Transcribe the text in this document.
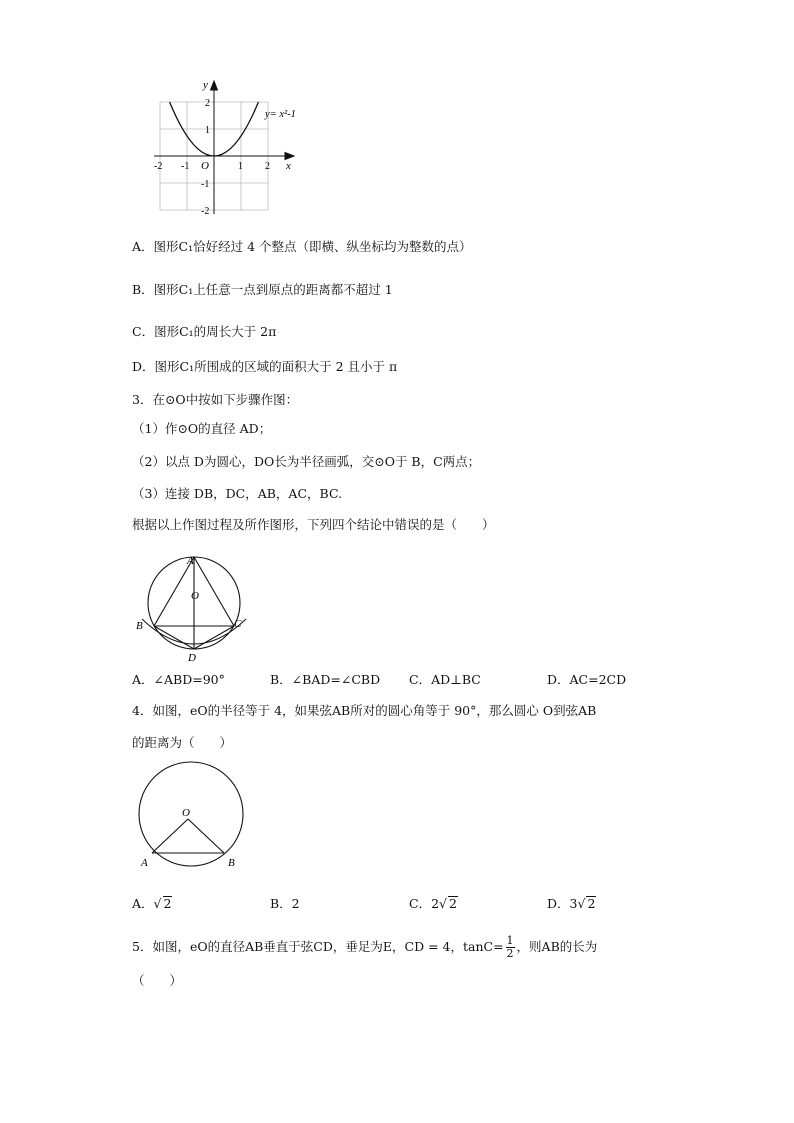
y
x
O
-2 -1	1 2
2
1
-1
-2
y= x²-1
A．图形C₁恰好经过 4 个整点（即横、纵坐标均为整数的点）
B．图形C₁上任意一点到原点的距离都不超过 1
C．图形C₁的周长大于 2π
D．图形C₁所围成的区域的面积大于 2 且小于 π
3．在⊙O中按如下步骤作图：
（1）作⊙O的直径 AD；
（2）以点 D为圆心，DO长为半径画弧，交⊙O于 B，C两点；
（3）连接 DB，DC，AB，AC，BC.
根据以上作图过程及所作图形，下列四个结论中错误的是（　　）
A
O
B	C
D
A．∠ABD=90°	B．∠BAD=∠CBD C．AD⊥BC	D．AC=2CD
4．如图，eO的半径等于 4，如果弦AB所对的圆心角等于 90°，那么圆心 O到弦AB
的距离为（　　）
O
A	B
A．√ 2	B．2	C．2√ 2	D．3√ 2
5．如图，eO的直径AB垂直于弦CD，垂足为E，CD = 4，$\tan C= \frac{1}{2}$ ，则AB的长为
（　　）
